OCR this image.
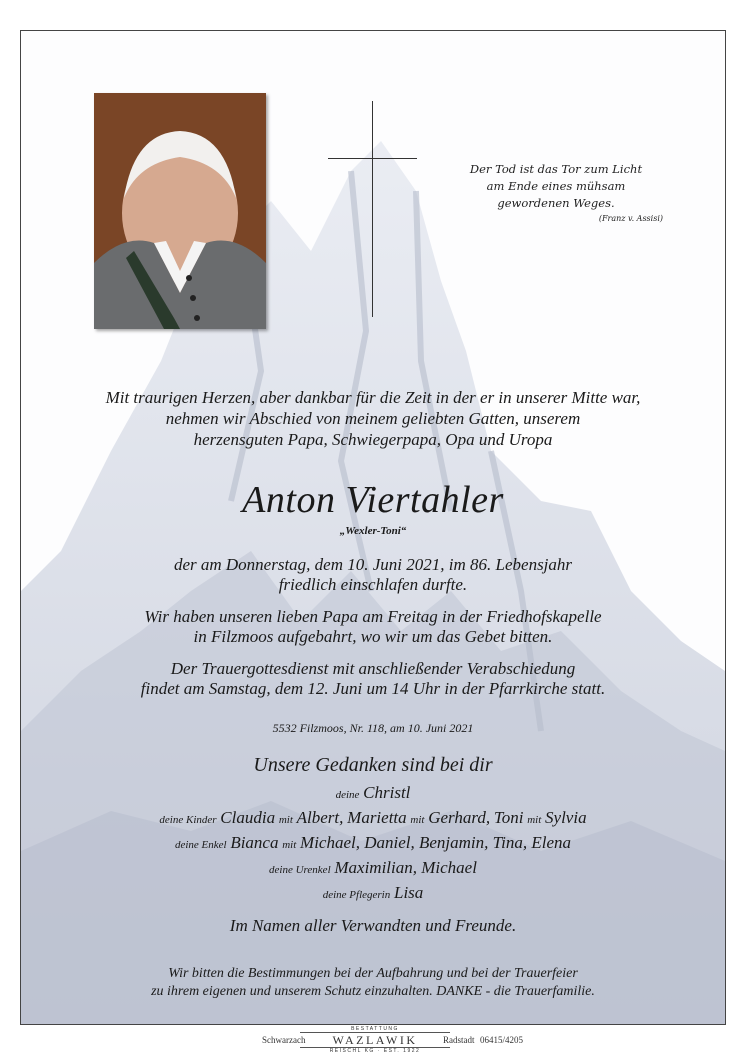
Der Tod ist das Tor zum Licht
am Ende eines mühsam
gewordenen Weges.
(Franz v. Assisi)
Mit traurigen Herzen, aber dankbar für die Zeit in der er in unserer Mitte war,
nehmen wir Abschied von meinem geliebten Gatten, unserem
herzensguten Papa, Schwiegerpapa, Opa und Uropa
Anton Viertahler
„Wexler-Toni“
der am Donnerstag, dem 10. Juni 2021, im 86. Lebensjahr
friedlich einschlafen durfte.
Wir haben unseren lieben Papa am Freitag in der Friedhofskapelle
in Filzmoos aufgebahrt, wo wir um das Gebet bitten.
Der Trauergottesdienst mit anschließender Verabschiedung
findet am Samstag, dem 12. Juni um 14 Uhr in der Pfarrkirche statt.
5532 Filzmoos, Nr. 118, am 10. Juni 2021
Unsere Gedanken sind bei dir
deine Christl
deine Kinder Claudia mit Albert, Marietta mit Gerhard, Toni mit Sylvia
deine Enkel Bianca mit Michael, Daniel, Benjamin, Tina, Elena
deine Urenkel Maximilian, Michael
deine Pflegerin Lisa
Im Namen aller Verwandten und Freunde.
Wir bitten die Bestimmungen bei der Aufbahrung und bei der Trauerfeier
zu ihrem eigenen und unserem Schutz einzuhalten. DANKE - die Trauerfamilie.
Schwarzach
BESTATTUNG
WAZLAWIK
REISCHL KG · EST. 1922
Radstadt 06415/4205
